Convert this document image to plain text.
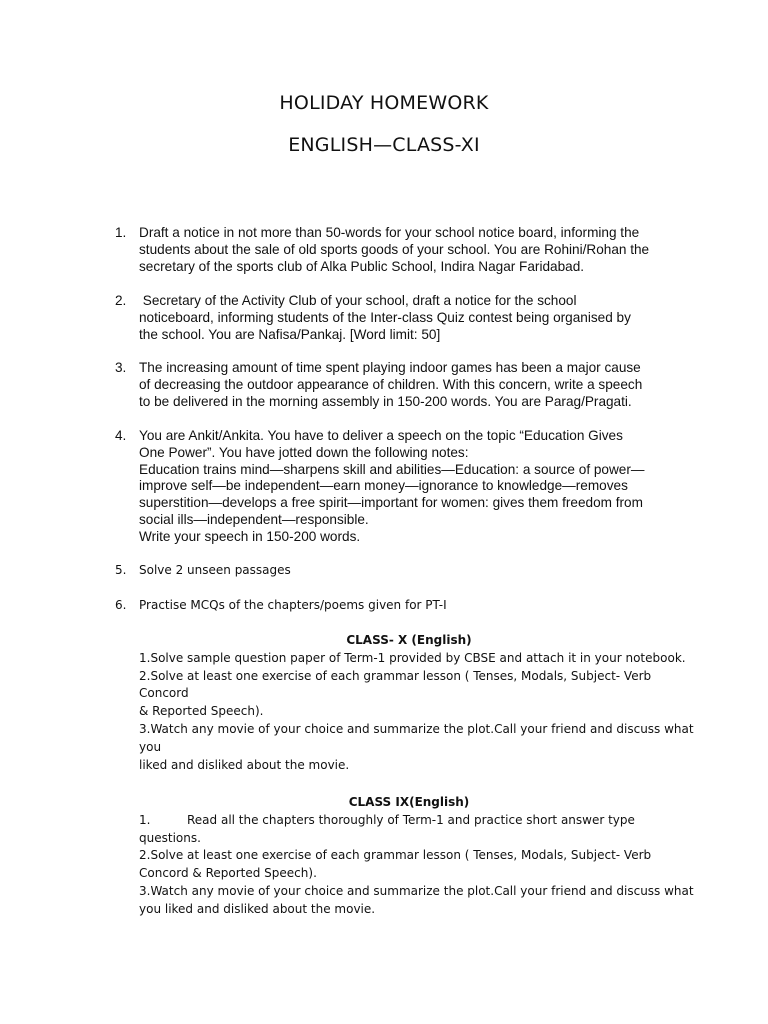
HOLIDAY HOMEWORK
ENGLISH—CLASS-XI
1. Draft a notice in not more than 50-words for your school notice board, informing the
students about the sale of old sports goods of your school. You are Rohini/Rohan the
secretary of the sports club of Alka Public School, Indira Nagar Faridabad.
2. Secretary of the Activity Club of your school, draft a notice for the school
noticeboard, informing students of the Inter-class Quiz contest being organised by
the school. You are Nafisa/Pankaj. [Word limit: 50]
3. The increasing amount of time spent playing indoor games has been a major cause
of decreasing the outdoor appearance of children. With this concern, write a speech
to be delivered in the morning assembly in 150-200 words. You are Parag/Pragati.
4. You are Ankit/Ankita. You have to deliver a speech on the topic “Education Gives
One Power”. You have jotted down the following notes:
Education trains mind—sharpens skill and abilities—Education: a source of power—
improve self—be independent—earn money—ignorance to knowledge—removes
superstition—develops a free spirit—important for women: gives them freedom from
social ills—independent—responsible.
Write your speech in 150-200 words.
5.	Solve 2 unseen passages
6.	Practise MCQs of the chapters/poems given for PT-I
CLASS- X (English)
1.Solve sample question paper of Term-1 provided by CBSE and attach it in your notebook.
2.Solve at least one exercise of each grammar lesson ( Tenses, Modals, Subject- Verb
Concord
& Reported Speech).
3.Watch any movie of your choice and summarize the plot.Call your friend and discuss what
you
liked and disliked about the movie.
CLASS IX(English)
1.	Read all the chapters thoroughly of Term-1 and practice short answer type
questions.
2.Solve at least one exercise of each grammar lesson ( Tenses, Modals, Subject- Verb
Concord & Reported Speech).
3.Watch any movie of your choice and summarize the plot.Call your friend and discuss what
you liked and disliked about the movie.
